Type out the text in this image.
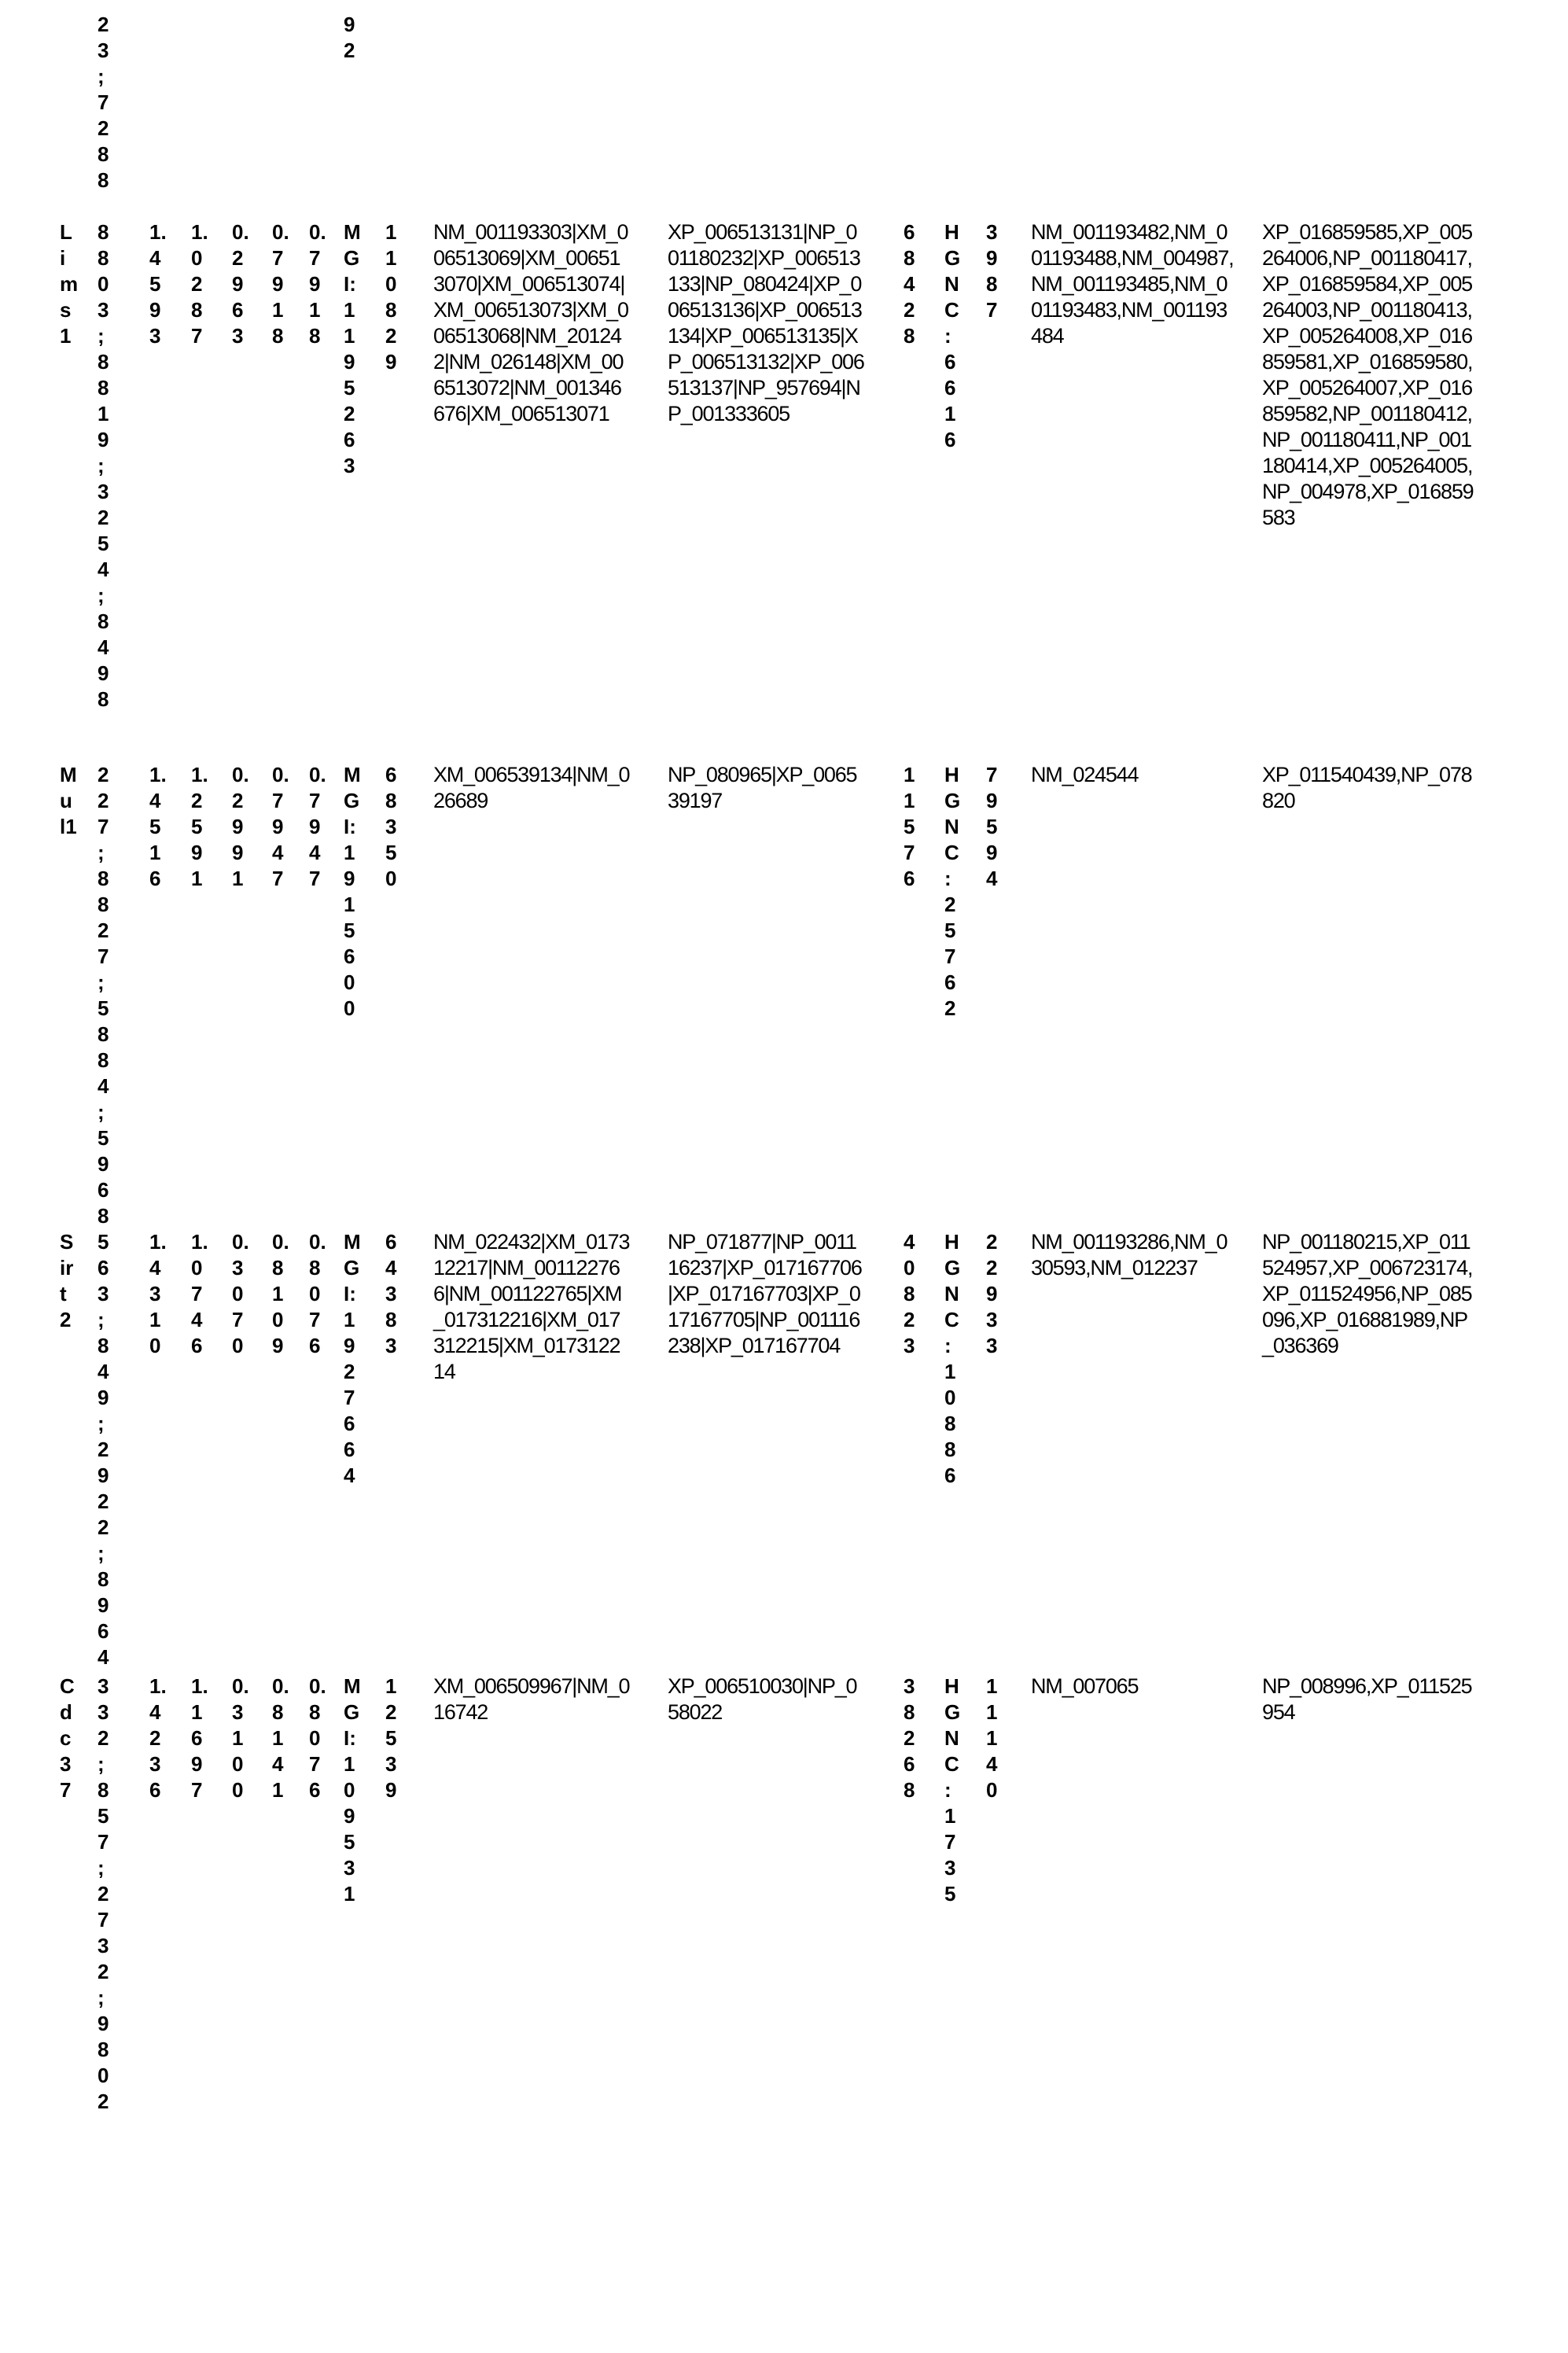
23;7288
92
Lims1
8803;8819;3254;8498
1.4593
1.0287
0.2963
0.7918
0.7918
MGI:1195263
110829
NM_001193303|XM_006513069|XM_006513070|XM_006513074|XM_006513073|XM_006513068|NM_201242|NM_026148|XM_006513072|NM_001346676|XM_006513071
XP_006513131|NP_001180232|XP_006513133|NP_080424|XP_006513136|XP_006513134|XP_006513135|XP_006513132|XP_006513137|NP_957694|NP_001333605
68428
HGNC:6616
3987
NM_001193482,NM_001193488,NM_004987,NM_001193485,NM_001193483,NM_001193484
XP_016859585,XP_005264006,NP_001180417,XP_016859584,XP_005264003,NP_001180413,XP_005264008,XP_016859581,XP_016859580,XP_005264007,XP_016859582,NP_001180412,NP_001180411,NP_001180414,XP_005264005,NP_004978,XP_016859583
Mul1
227;8827;5884;5968
1.4516
1.2591
0.2991
0.7947
0.7947
MGI:1915600
68350
XM_006539134|NM_026689
NP_080965|XP_006539197
11576
HGNC:25762
79594
NM_024544	XP_011540439,NP_078820
Sirt2
563;849;2922;8964
1.4310
1.0746
0.3070
0.8109
0.8076
MGI:1927664
64383
NM_022432|XM_017312217|NM_001122766|NM_001122765|XM_017312216|XM_017312215|XM_017312214
NP_071877|NP_001116237|XP_017167706|XP_017167703|XP_017167705|NP_001116238|XP_017167704
40823
HGNC:10886
22933
NM_001193286,NM_030593,NM_012237
NP_001180215,XP_011524957,XP_006723174,XP_011524956,NP_085096,XP_016881989,NP_036369
Cdc37
332;857;2732;9802
1.4236
1.1697
0.3100
0.8141
0.8076
MGI:109531
12539
XM_006509967|NM_016742
XP_006510030|NP_058022
38268
HGNC:1735
11140
NM_007065	NP_008996,XP_011525954
